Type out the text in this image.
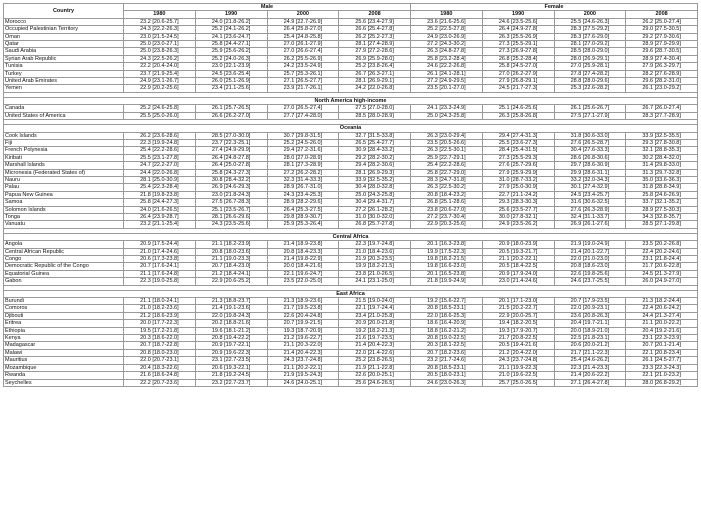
Country	Male				Female			
	1980	1990	2000	2008	1980	1990	2000	2008
Morocco	23.2 [20.6-25.7]	24.0 [21.8-26.2]	24.9 [22.7-26.9]	25.6 [23.4-27.9]	23.6 [21.6-25.6]	24.6 [23.5-25.6]	25.5 [24.6-26.3]	26.2 [25.0-27.4]
Occupied Palestinian Territory	24.3 [22.2-26.3]	25.2 [24.1-26.2]	26.4 [25.8-27.0]	26.6 [25.4-27.8]	25.2 [22.5-27.8]	26.4 [24.9-27.8]	28.3 [27.5-29.2]	29.0 [27.5-30.5]
Oman	23.0 [21.5-24.5]	24.1 [23.6-24.7]	25.4 [24.8-25.8]	26.2 [25.2-27.3]	24.9 [23.0-26.9]	26.3 [25.5-26.9]	28.3 [27.6-29.0]	29.2 [27.9-30.6]
Qatar	25.0 [23.0-27.1]	25.8 [24.4-27.1]	27.0 [26.1-27.9]	28.1 [27.4-28.9]	27.2 [24.3-30.2]	27.3 [25.5-29.1]	28.1 [27.0-29.2]	28.9 [27.9-29.9]
Saudi Arabia	25.0 [23.8-26.3]	25.9 [25.6-26.2]	27.0 [26.6-27.4]	27.9 [27.2-28.6]	26.3 [24.8-27.8]	27.3 [26.9-27.8]	28.5 [28.0-29.0]	29.6 [28.7-30.5]
Syrian Arab Republic	24.3 [22.5-26.2]	25.2 [24.0-26.3]	26.2 [25.5-26.9]	26.9 [25.9-28.0]	25.8 [23.2-28.4]	26.8 [25.2-28.4]	28.0 [26.9-29.1]	28.9 [27.4-30.4]
Tunisia	22.2 [20.4-24.0]	23.0 [22.1-23.9]	24.2 [23.5-24.9]	25.2 [23.8-26.4]	24.6 [22.2-26.8]	25.8 [24.5-27.0]	27.0 [25.9-28.1]	27.9 [26.3-29.7]
Turkey	23.7 [21.9-25.4]	24.5 [23.6-25.4]	25.7 [25.3-26.1]	26.7 [26.3-27.1]	26.1 [24.1-28.1]	27.0 [26.2-27.9]	27.8 [27.4-28.2]	28.2 [27.6-28.9]
United Arab Emirates	24.9 [23.1-26.7]	26.0 [25.1-26.9]	27.1 [26.5-27.7]	28.1 [26.9-29.1]	27.2 [24.9-29.5]	27.9 [26.8-29.1]	28.8 [28.0-29.6]	29.6 [28.2-31.0]
Yemen	22.9 [20.2-25.6]	23.4 [21.1-25.6]	23.9 [21.7-26.1]	24.2 [22.0-26.8]	23.5 [20.1-27.0]	24.5 [21.7-27.3]	25.3 [22.6-28.2]	26.1 [23.0-29.2]

North America high-income								
Canada	25.2 [24.6-25.8]	26.1 [25.7-26.5]	27.0 [26.5-27.4]	27.5 [27.0-28.0]	24.1 [23.3-24.9]	25.1 [24.6-25.6]	26.1 [25.6-26.7]	26.7 [26.0-27.4]
United States of America	25.5 [25.0-26.0]	26.6 [26.2-27.0]	27.7 [27.4-28.0]	28.5 [28.0-28.9]	25.0 [24.3-25.8]	26.3 [25.8-26.8]	27.5 [27.1-27.9]	28.3 [27.7-28.9]

Oceania								
Cook Islands	26.2 [23.6-28.6]	28.5 [27.0-30.0]	30.7 [29.8-31.5]	32.7 [31.5-33.8]	26.3 [23.0-29.4]	29.4 [27.4-31.3]	31.8 [30.6-33.0]	33.9 [32.5-35.5]
Fiji	22.3 [19.9-24.8]	23.7 [22.3-25.1]	25.2 [24.5-26.0]	26.5 [25.4-27.7]	23.5 [20.5-26.6]	25.5 [23.6-27.3]	27.6 [26.5-28.7]	29.3 [27.8-30.8]
French Polynesia	25.4 [22.2-28.6]	27.4 [24.9-29.9]	29.4 [27.2-31.6]	30.9 [28.4-33.2]	26.3 [22.5-30.1]	28.4 [25.4-31.5]	30.4 [27.6-33.3]	32.1 [28.8-35.3]
Kiribati	25.5 [23.1-27.8]	26.4 [24.8-27.8]	28.0 [27.0-28.9]	29.2 [28.2-30.2]	25.9 [22.7-29.1]	27.3 [25.5-29.3]	28.6 [26.8-30.6]	30.2 [28.4-32.0]
Marshall Islands	24.7 [22.2-27.0]	26.4 [25.0-27.8]	28.1 [27.3-28.9]	29.4 [28.2-30.6]	25.4 [22.2-28.6]	27.6 [25.7-29.6]	29.7 [28.6-30.9]	31.4 [29.8-33.0]
Micronesia (Federated States of)	24.4 [22.0-26.8]	25.8 [24.3-27.3]	27.2 [26.2-28.2]	28.1 [26.9-29.3]	25.8 [22.7-29.0]	27.9 [25.9-29.9]	29.9 [28.6-31.1]	31.3 [29.7-32.8]
Nauru	28.1 [25.0-30.9]	30.8 [28.4-32.2]	32.3 [31.4-33.3]	33.9 [32.5-35.2]	28.3 [24.7-31.8]	31.0 [28.7-33.2]	33.2 [32.0-34.3]	35.0 [33.6-36.3]
Palau	25.4 [22.3-28.4]	26.9 [24.6-29.3]	28.9 [26.7-31.0]	30.4 [28.0-32.8]	26.3 [22.5-30.2]	27.9 [25.0-30.9]	30.1 [27.4-32.9]	31.8 [28.8-34.9]
Papua New Guinea	21.8 [19.8-23.8]	23.0 [21.8-24.3]	24.3 [23.4-25.3]	25.0 [24.3-25.8]	20.8 [18.4-23.2]	22.7 [21.1-24.2]	24.5 [23.4-25.7]	25.8 [24.6-26.9]
Samoa	25.8 [24.4-27.3]	27.5 [26.7-28.3]	28.9 [28.2-29.6]	30.4 [29.4-31.7]	26.8 [25.1-28.6]	29.3 [28.3-30.3]	31.6 [30.6-32.5]	33.7 [32.1-35.2]
Solomon Islands	24.0 [21.6-26.5]	25.1 [23.5-26.7]	26.4 [25.3-27.5]	27.2 [26.1-28.2]	23.8 [20.6-27.0]	25.6 [23.5-27.7]	27.6 [26.3-28.9]	28.9 [27.5-30.3]
Tonga	26.4 [23.9-28.7]	28.1 [26.6-29.6]	29.8 [28.9-30.7]	31.0 [30.0-32.0]	27.2 [23.7-30.4]	30.0 [27.8-32.1]	32.4 [31.1-33.7]	34.3 [32.8-35.7]
Vanuatu	23.2 [21.1-25.4]	24.3 [23.5-25.6]	25.9 [25.3-26.4]	26.8 [25.7-27.8]	22.9 [20.3-25.6]	24.9 [23.5-26.2]	26.9 [26.1-27.6]	28.5 [27.1-29.8]

Central Africa								
Angola	20.9 [17.5-24.4]	21.1 [18.2-23.9]	21.4 [18.9-23.8]	22.3 [19.7-24.8]	20.1 [16.3-23.8]	20.9 [18.0-23.9]	21.9 [19.0-24.9]	23.5 [20.2-26.8]
Central African Republic	21.0 [17.4-24.6]	20.8 [18.0-23.6]	20.8 [18.4-23.3]	21.0 [18.4-23.6]	19.9 [17.5-22.3]	20.5 [19.3-21.7]	21.4 [20.1-22.7]	22.4 [20.2-24.6]
Congo	20.6 [17.3-23.8]	21.1 [19.0-23.3]	21.4 [19.8-22.9]	21.9 [20.3-23.5]	19.8 [18.2-21.5]	21.1 [20.2-22.1]	22.0 [21.0-23.0]	23.1 [21.8-24.4]
Democratic Republic of the Congo	20.7 [17.6-24.1]	20.7 [18.4-23.0]	20.0 [18.4-21.6]	19.9 [18.2-21.5]	19.8 [16.6-23.0]	20.5 [18.4-22.5]	20.8 [18.6-23.0]	21.7 [20.6-22.8]
Equatorial Guinea	21.1 [17.6-24.8]	21.2 [18.4-24.1]	22.1 [19.6-24.7]	23.8 [21.0-26.5]	20.1 [16.5-23.8]	20.9 [17.9-24.0]	22.6 [19.8-25.6]	24.5 [21.3-27.9]
Gabon	22.3 [19.0-25.8]	22.9 [20.6-25.2]	23.5 [22.0-25.0]	24.1 [23.1-25.0]	21.8 [19.9-24.9]	23.0 [21.4-24.6]	24.6 [23.7-25.5]	26.0 [24.9-27.0]

East Africa								
Burundi	21.1 [18.0-24.1]	21.3 [18.8-23.7]	21.3 [18.9-23.6]	21.5 [19.0-24.0]	19.2 [15.6-22.7]	20.1 [17.1-23.0]	20.7 [17.9-23.5]	21.3 [18.2-24.4]
Comoros	21.0 [18.2-23.6]	21.4 [19.1-23.6]	21.7 [19.5-23.8]	22.1 [19.7-24.4]	20.8 [18.5-23.1]	21.5 [20.2-22.7]	22.0 [20.9-23.1]	22.4 [20.6-24.2]
Djibouti	21.2 [18.6-23.9]	22.0 [19.8-24.3]	22.6 [20.4-24.8]	23.4 [21.0-25.8]	22.0 [18.6-25.3]	22.9 [20.0-25.7]	23.6 [20.8-26.3]	24.4 [21.3-27.4]
Eritrea	20.0 [17.7-22.3]	20.2 [18.8-21.6]	20.7 [19.9-21.5]	20.9 [20.0-21.8]	18.6 [16.4-20.9]	19.4 [18.2-20.5]	20.4 [19.7-21.1]	21.1 [20.0-22.2]
Ethiopia	19.5 [17.2-21.8]	19.6 [18.1-21.2]	19.3 [18.7-20.9]	19.2 [18.2-21.3]	18.8 [16.2-21.2]	19.3 [17.9-20.7]	20.0 [18.9-21.0]	20.4 [19.2-21.6]
Kenya	20.3 [18.6-22.0]	20.8 [19.4-22.2]	21.2 [19.6-22.7]	21.6 [19.7-23.5]	20.8 [19.0-22.5]	21.7 [20.8-22.5]	22.5 [21.8-23.1]	23.1 [22.3-23.9]
Madagascar	20.7 [18.7-22.8]	20.9 [19.7-22.1]	21.1 [20.3-22.0]	21.4 [20.4-22.3]	20.3 [18.1-22.5]	20.5 [19.4-21.6]	20.6 [20.0-21.2]	20.7 [20.1-21.4]
Malawi	20.8 [18.0-23.0]	20.9 [19.6-22.3]	21.4 [20.4-22.3]	22.0 [21.4-22.6]	20.7 [18.2-23.6]	21.2 [20.4-22.0]	21.7 [21.1-22.3]	22.1 [20.8-23.4]
Mauritius	22.0 [20.7-23.1]	23.1 [22.7-23.5]	24.3 [23.7-24.8]	25.2 [23.8-26.5]	23.2 [21.7-24.6]	24.3 [23.7-24.8]	25.4 [24.6-26.2]	26.1 [24.5-27.7]
Mozambique	20.4 [18.3-22.6]	20.6 [19.3-22.1]	21.1 [20.2-22.1]	21.9 [21.1-22.8]	20.8 [18.5-23.1]	21.1 [19.9-22.3]	22.3 [21.4-23.3]	23.3 [22.3-24.3]
Rwanda	21.6 [18.6-24.8]	21.8 [19.2-24.5]	21.9 [19.5-24.3]	22.6 [20.0-25.1]	20.5 [18.0-23.1]	21.0 [19.6-22.5]	21.4 [20.6-22.2]	22.1 [21.0-23.2]
Seychelles	22.2 [20.7-23.6]	23.2 [22.7-23.7]	24.6 [24.0-25.1]	25.6 [24.6-26.5]	24.6 [23.0-26.3]	25.7 [25.0-26.5]	27.1 [26.4-27.8]	28.0 [26.8-29.2]
